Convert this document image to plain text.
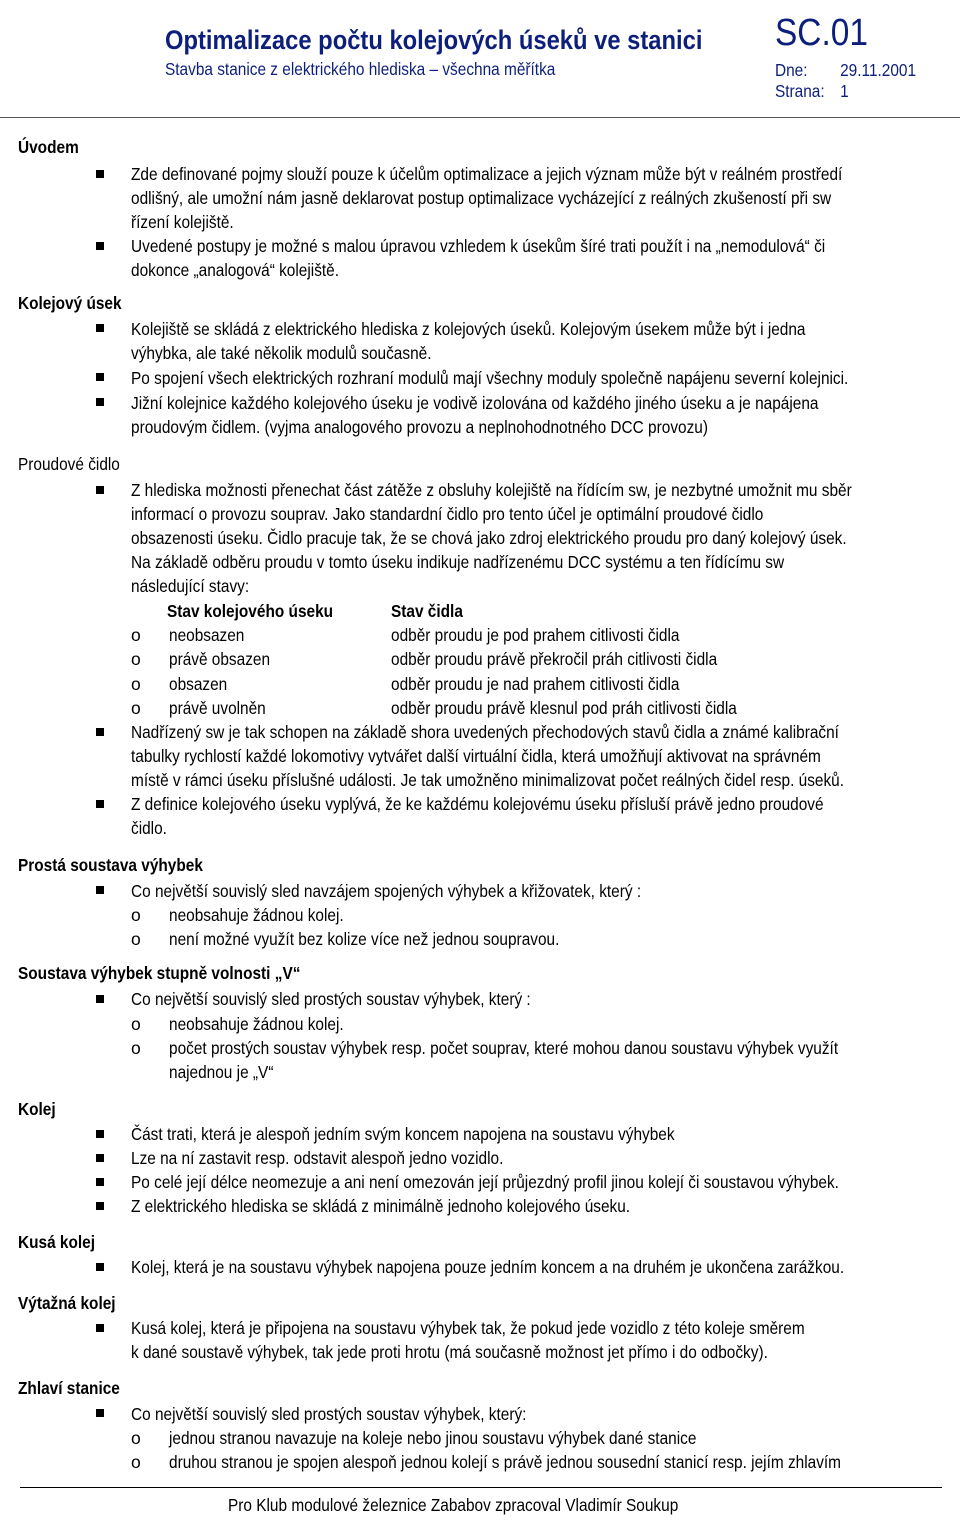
Optimalizace počtu kolejových úseků ve stanici
Stavba stanice z elektrického hlediska – všechna měřítka
SC.01
Dne: 29.11.2001
Strana: 1
Úvodem
Zde definované pojmy slouží pouze k účelům optimalizace a jejich význam může být v reálném prostředí
odlišný, ale umožní nám jasně deklarovat postup optimalizace vycházející z reálných zkušeností při sw
řízení kolejiště.
Uvedené postupy je možné s malou úpravou vzhledem k úsekům šíré trati použít i na „nemodulová“ či
dokonce „analogová“ kolejiště.
Kolejový úsek
Kolejiště se skládá z elektrického hlediska z kolejových úseků. Kolejovým úsekem může být i jedna
výhybka, ale také několik modulů současně.
Po spojení všech elektrických rozhraní modulů mají všechny moduly společně napájenu severní kolejnici.
Jižní kolejnice každého kolejového úseku je vodivě izolována od každého jiného úseku a je napájena
proudovým čidlem. (vyjma analogového provozu a neplnohodnotného DCC provozu)
Proudové čidlo
Z hlediska možnosti přenechat část zátěže z obsluhy kolejiště na řídícím sw, je nezbytné umožnit mu sběr
informací o provozu souprav. Jako standardní čidlo pro tento účel je optimální proudové čidlo
obsazenosti úseku. Čidlo pracuje tak, že se chová jako zdroj elektrického proudu pro daný kolejový úsek.
Na základě odběru proudu v tomto úseku indikuje nadřízenému DCC systému a ten řídícímu sw
následující stavy:
Stav kolejového úseku	Stav čidla
o neobsazen	odběr proudu je pod prahem citlivosti čidla
o právě obsazen	odběr proudu právě překročil práh citlivosti čidla
o obsazen	odběr proudu je nad prahem citlivosti čidla
o právě uvolněn	odběr proudu právě klesnul pod práh citlivosti čidla
Nadřízený sw je tak schopen na základě shora uvedených přechodových stavů čidla a známé kalibrační
tabulky rychlostí každé lokomotivy vytvářet další virtuální čidla, která umožňují aktivovat na správném
místě v rámci úseku příslušné události. Je tak umožněno minimalizovat počet reálných čidel resp. úseků.
Z definice kolejového úseku vyplývá, že ke každému kolejovému úseku přísluší právě jedno proudové
čidlo.
Prostá soustava výhybek
Co největší souvislý sled navzájem spojených výhybek a křižovatek, který :
o neobsahuje žádnou kolej.
o není možné využít bez kolize více než jednou soupravou.
Soustava výhybek stupně volnosti „V“
Co největší souvislý sled prostých soustav výhybek, který :
o neobsahuje žádnou kolej.
o počet prostých soustav výhybek resp. počet souprav, které mohou danou soustavu výhybek využít
najednou je „V“
Kolej
Část trati, která je alespoň jedním svým koncem napojena na soustavu výhybek
Lze na ní zastavit resp. odstavit alespoň jedno vozidlo.
Po celé její délce neomezuje a ani není omezován její průjezdný profil jinou kolejí či soustavou výhybek.
Z elektrického hlediska se skládá z minimálně jednoho kolejového úseku.
Kusá kolej
Kolej, která je na soustavu výhybek napojena pouze jedním koncem a na druhém je ukončena zarážkou.
Výtažná kolej
Kusá kolej, která je připojena na soustavu výhybek tak, že pokud jede vozidlo z této koleje směrem
k dané soustavě výhybek, tak jede proti hrotu (má současně možnost jet přímo i do odbočky).
Zhlaví stanice
Co největší souvislý sled prostých soustav výhybek, který:
o jednou stranou navazuje na koleje nebo jinou soustavu výhybek dané stanice
o druhou stranou je spojen alespoň jednou kolejí s právě jednou sousední stanicí resp. jejím zhlavím
Pro Klub modulové železnice Zababov zpracoval Vladimír Soukup
